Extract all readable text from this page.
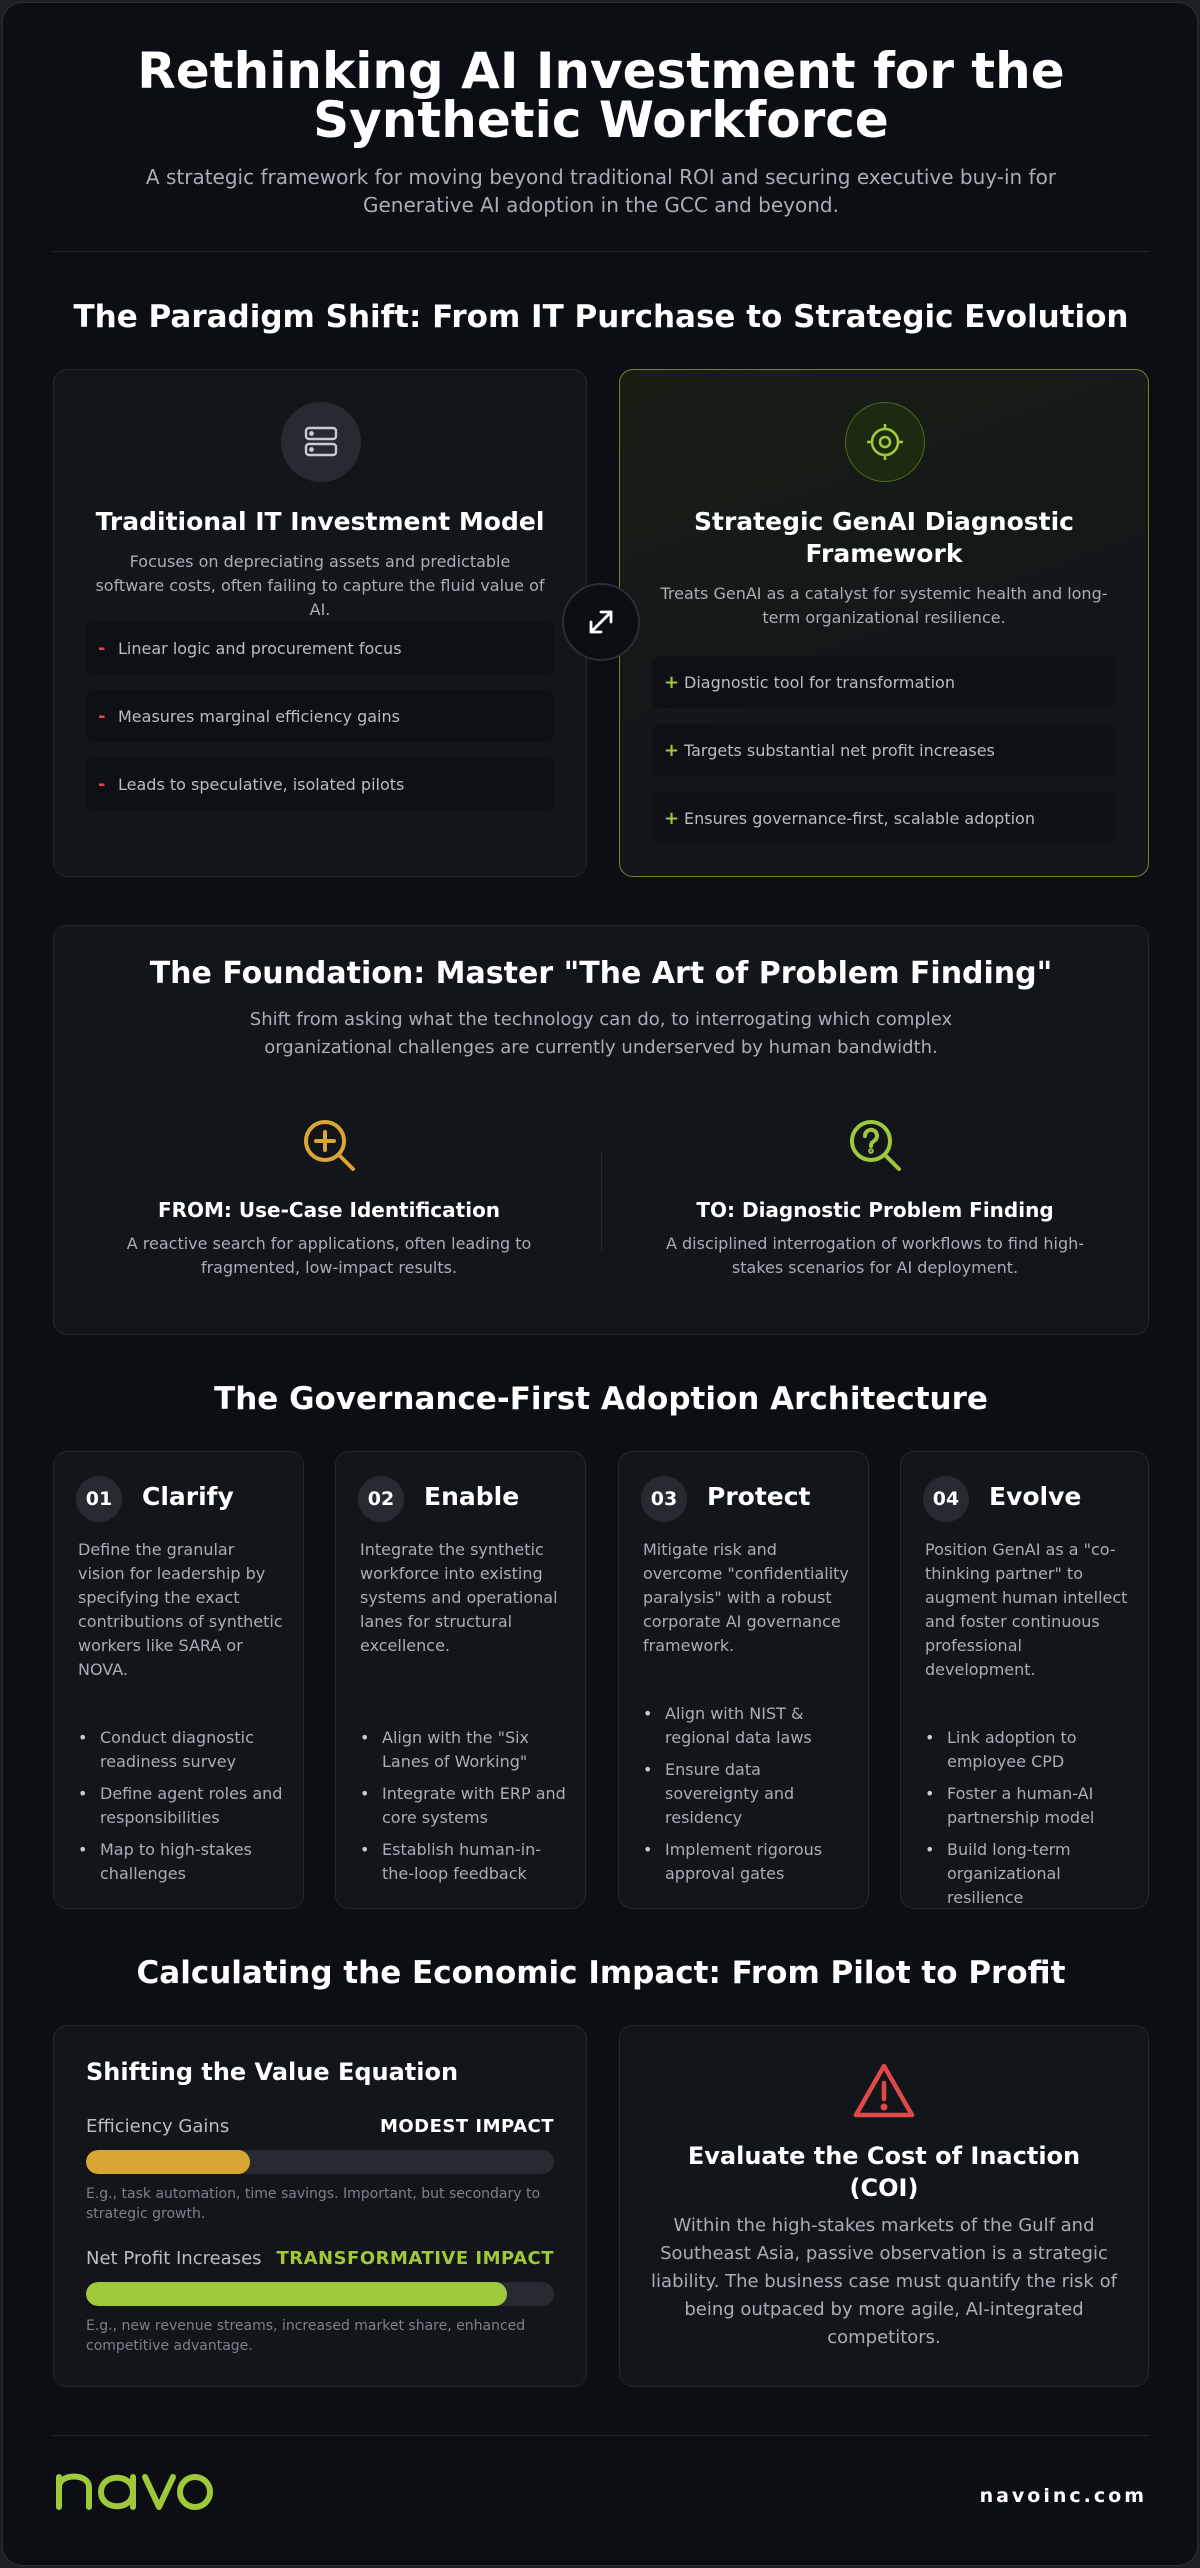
Rethinking AI Investment for the Synthetic Workforce

A strategic framework for moving beyond traditional ROI and securing executive buy-in for Generative AI adoption in the GCC and beyond.

The Paradigm Shift: From IT Purchase to Strategic Evolution
Traditional IT Investment Model
Focuses on depreciating assets and predictable software costs, often failing to capture the fluid value of AI.
- Linear logic and procurement focus
- Measures marginal efficiency gains
- Leads to speculative, isolated pilots
Strategic GenAI Diagnostic Framework
Treats GenAI as a catalyst for systemic health and long-term organizational resilience.
+ Diagnostic tool for transformation
+ Targets substantial net profit increases
+ Ensures governance-first, scalable adoption
The Foundation: Master "The Art of Problem Finding"
Shift from asking what the technology can do, to interrogating which complex organizational challenges are currently underserved by human bandwidth.
FROM: Use-Case Identification
A reactive search for applications, often leading to fragmented, low-impact results.
TO: Diagnostic Problem Finding
A disciplined interrogation of workflows to find high-stakes scenarios for AI deployment.
The Governance-First Adoption Architecture
01	Clarify
Define the granular vision for leadership by specifying the exact contributions of synthetic workers like SARA or NOVA.
• Conduct diagnostic readiness survey
• Define agent roles and responsibilities
• Map to high-stakes challenges
02	Enable
Integrate the synthetic workforce into existing systems and operational lanes for structural excellence.
• Align with the "Six Lanes of Working"
• Integrate with ERP and core systems
• Establish human-in-the-loop feedback
03	Protect
Mitigate risk and overcome "confidentiality paralysis" with a robust corporate AI governance framework.
• Align with NIST & regional data laws
• Ensure data sovereignty and residency
• Implement rigorous approval gates
04	Evolve
Position GenAI as a "co-thinking partner" to augment human intellect and foster continuous professional development.
• Link adoption to employee CPD
• Foster a human-AI partnership model
• Build long-term organizational resilience
Calculating the Economic Impact: From Pilot to Profit
Shifting the Value Equation
Efficiency Gains	MODEST IMPACT
E.g., task automation, time savings. Important, but secondary to strategic growth.
Net Profit Increases TRANSFORMATIVE IMPACT
E.g., new revenue streams, increased market share, enhanced competitive advantage.
Evaluate the Cost of Inaction (COI)
Within the high-stakes markets of the Gulf and Southeast Asia, passive observation is a strategic liability. The business case must quantify the risk of being outpaced by more agile, AI-integrated competitors.
navoinc.com
